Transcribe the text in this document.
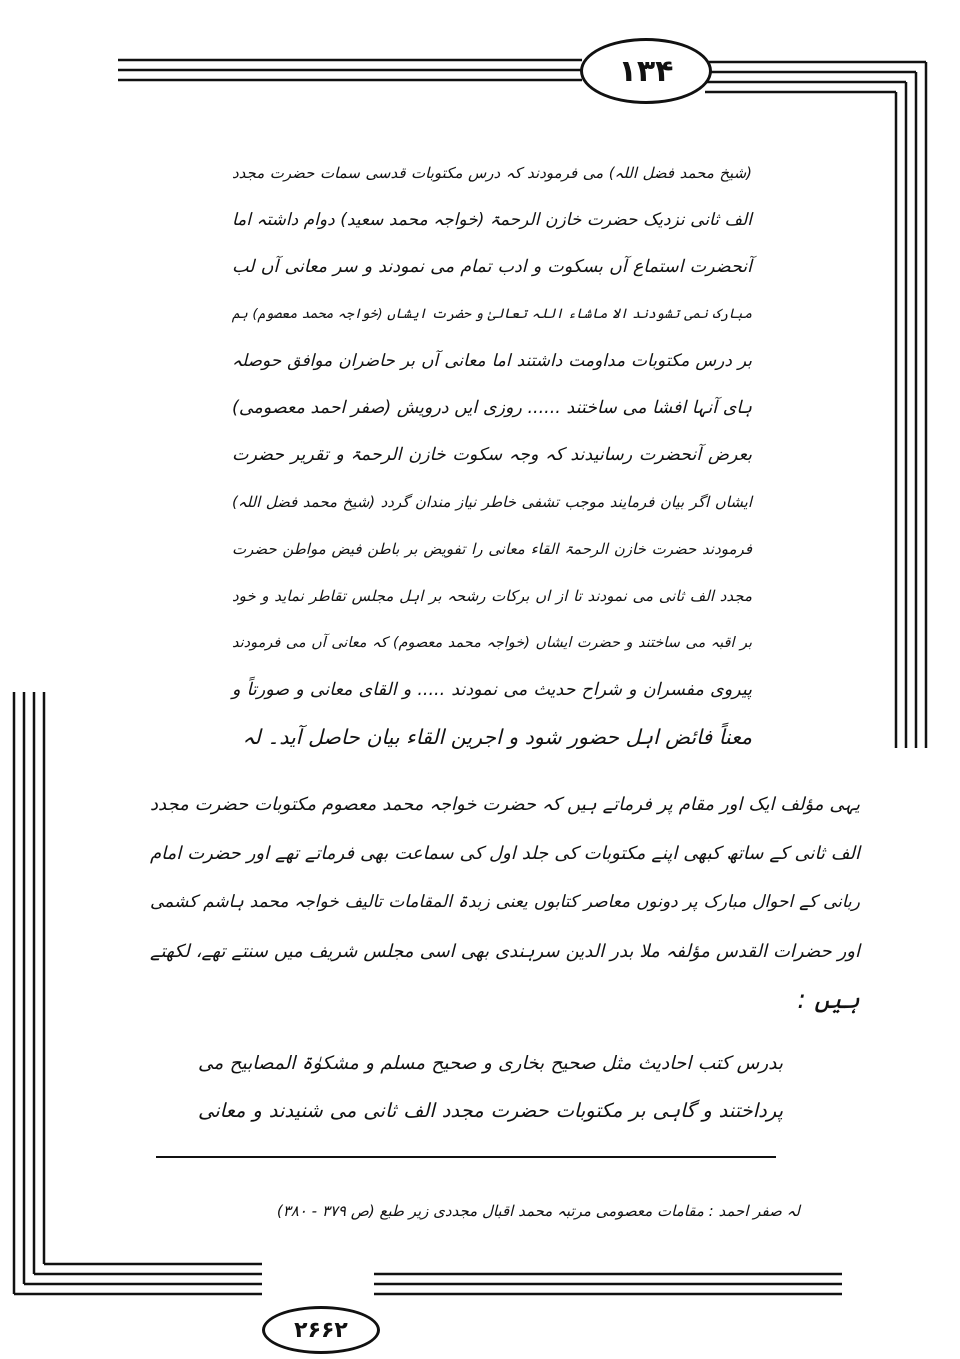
۱۳۴
(شیخ محمد فضل اللہ) می فرمودند کہ درس مکتوبات قدسی سمات حضرت مجدد
الف ثانی نزدیک حضرت خازن الرحمۃ (خواجہ محمد سعید) دوام داشتہ اما
آنحضرت استماع آں بسکوت و ادب تمام می نمودند و سر معانی آں لب
مبارک نمی تشودند الا ماشاء اللہ تعالیٰ و حضرت ایشاں (خواجہ محمد معصوم) ہم
بر درس مکتوبات مداومت داشتند اما معانی آں بر حاضران موافق حوصلہ
ہای آنہا افشا می ساختند ...... روزی ایں درویش (صفر احمد معصومی)
بعرض آنحضرت رسانیدند کہ وجہ سکوت خازن الرحمۃ و تقریر حضرت
ایشاں اگر بیان فرمایند موجب تشفی خاطر نیاز مندان گردد (شیخ محمد فضل اللہ)
فرمودند حضرت خازن الرحمۃ القاء معانی را تفویض بر باطن فیض مواطن حضرت
مجدد الف ثانی می نمودند تا از اں برکات رشحہ بر اہل مجلس تقاطر نماید و خود
بر اقبہ می ساختند و حضرت ایشاں (خواجہ محمد معصوم) کہ معانی آں می فرمودند
پیروی مفسران و شراح حدیث می نمودند ..... و القای معانی و صورتاً و
معناً فائض اہل حضور شود و اجرین القاء بیان حاصل آید۔ لہ
یہی مؤلف ایک اور مقام پر فرماتے ہیں کہ حضرت خواجہ محمد معصوم مکتوبات حضرت مجدد
الف ثانی کے ساتھ کبھی اپنے مکتوبات کی جلد اول کی سماعت بھی فرماتے تھے اور حضرت امام
ربانی کے احوال مبارک پر دونوں معاصر کتابوں یعنی زبدۃ المقامات تالیف خواجہ محمد ہاشم کشمی
اور حضرات القدس مؤلفہ ملا بدر الدین سرہندی بھی اسی مجلس شریف میں سنتے تھے، لکھتے
ہیں :
بدرس کتب احادیث مثل صحیح بخاری و صحیح مسلم و مشکوٰۃ المصابیح می
پرداختند و گاہی بر مکتوبات حضرت مجدد الف ثانی می شنیدند و معانی
لہ صفر احمد : مقامات معصومی مرتبہ محمد اقبال مجددی زیر طبع (ص ۳۷۹ - ۳۸۰)
۲۶۶۲
